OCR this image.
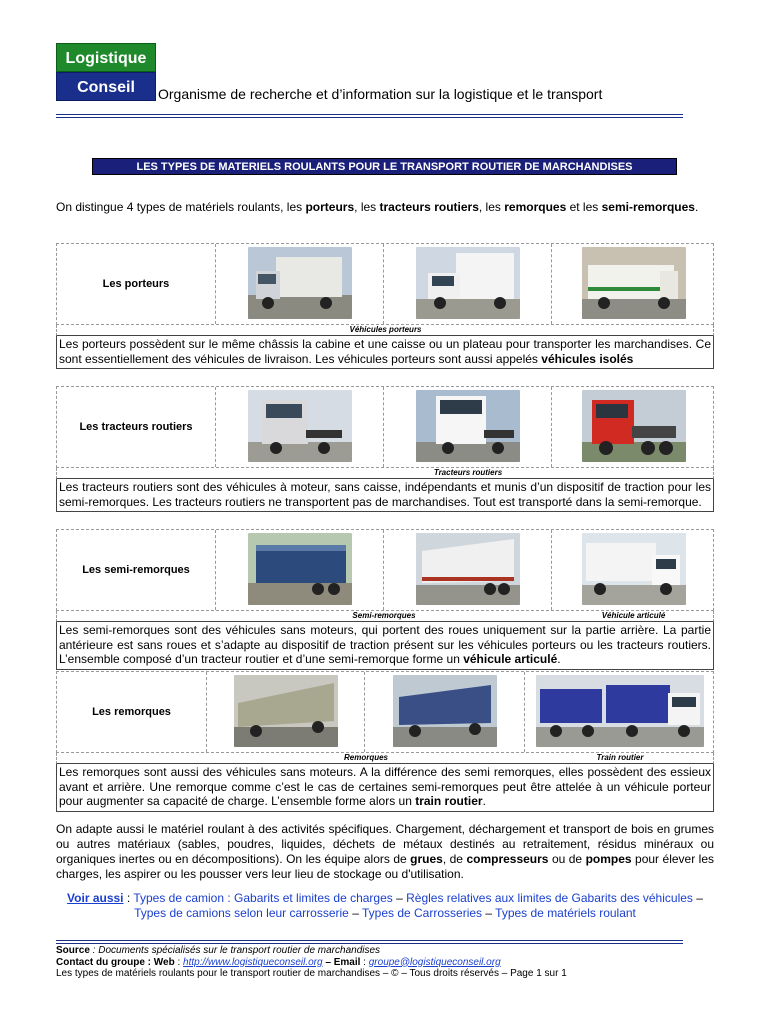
Logistique
Conseil	Organisme de recherche et d’information sur la logistique et le transport
LES TYPES DE MATERIELS ROULANTS POUR LE TRANSPORT ROUTIER DE MARCHANDISES
On distingue 4 types de matériels roulants, les porteurs, les tracteurs routiers, les remorques et les semi-remorques.
Les porteurs
Véhicules porteurs
Les porteurs possèdent sur le même châssis la cabine et une caisse ou un plateau pour transporter les marchandises. Ce sont essentiellement des véhicules de livraison. Les véhicules porteurs sont aussi appelés véhicules isolés
Les tracteurs routiers
Tracteurs routiers
Les tracteurs routiers sont des véhicules à moteur, sans caisse, indépendants et munis d’un dispositif de traction pour les semi-remorques. Les tracteurs routiers ne transportent pas de marchandises. Tout est transporté dans la semi-remorque.
Les semi-remorques
Semi-remorques	Véhicule articulé
Les semi-remorques sont des véhicules sans moteurs, qui portent des roues uniquement sur la partie arrière. La partie antérieure est sans roues et s’adapte au dispositif de traction présent sur les véhicules porteurs ou les tracteurs routiers. L’ensemble composé d’un tracteur routier et d’une semi-remorque forme un véhicule articulé.
Les remorques
Remorques	Train routier
Les remorques sont aussi des véhicules sans moteurs. A la différence des semi remorques, elles possèdent des essieux avant et arrière. Une remorque comme c’est le cas de certaines semi-remorques peut être attelée à un véhicule porteur pour augmenter sa capacité de charge. L’ensemble forme alors un train routier.
On adapte aussi le matériel roulant à des activités spécifiques. Chargement, déchargement et transport de bois en grumes ou autres matériaux (sables, poudres, liquides, déchets de métaux destinés au retraitement, résidus minéraux ou organiques inertes ou en décompositions). On les équipe alors de grues, de compresseurs ou de pompes pour élever les charges, les aspirer ou les pousser vers leur lieu de stockage ou d'utilisation.
Voir aussi : Types de camion : Gabarits et limites de charges – Règles relatives aux limites de Gabarits des véhicules – Types de camions selon leur carrosserie – Types de Carrosseries – Types de matériels roulant
Source : Documents spécialisés sur le transport routier de marchandises
Contact du groupe : Web : http://www.logistiqueconseil.org – Email : groupe@logistiqueconseil.org
Les types de matériels roulants pour le transport routier de marchandises – © – Tous droits réservés – Page 1 sur 1
